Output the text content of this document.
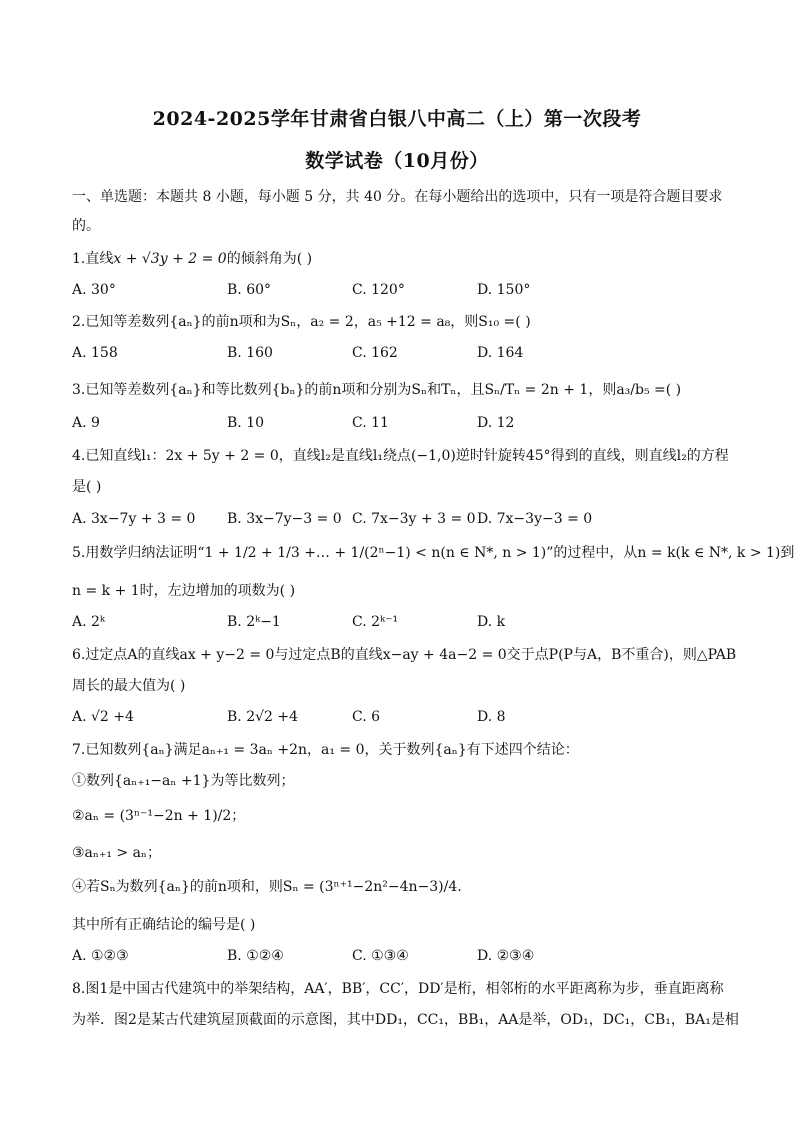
2024-2025学年甘肃省白银八中高二（上）第一次段考
数学试卷（10月份）
一、单选题：本题共 8 小题，每小题 5 分，共 40 分。在每小题给出的选项中，只有一项是符合题目要求
的。
1.直线x + √3y + 2 = 0的倾斜角为( )
A. 30°	B. 60°	C. 120°	D. 150°
2.已知等差数列{aₙ}的前n项和为Sₙ，a₂ = 2，a₅ +12 = a₈，则S₁₀ =( )
A. 158	B. 160	C. 162	D. 164
3.已知等差数列{aₙ}和等比数列{bₙ}的前n项和分别为Sₙ和Tₙ，且Sₙ/Tₙ = 2n + 1，则a₃/b₅ =( )
A. 9	B. 10	C. 11	D. 12
4.已知直线l₁：2x + 5y + 2 = 0，直线l₂是直线l₁绕点(−1,0)逆时针旋转45°得到的直线，则直线l₂的方程
是( )
A. 3x−7y + 3 = 0 B. 3x−7y−3 = 0 C. 7x−3y + 3 = 0 D. 7x−3y−3 = 0
5.用数学归纳法证明“1 + 1/2 + 1/3 +… + 1/(2ⁿ−1) < n(n ∈ N*, n > 1)”的过程中，从n = k(k ∈ N*, k > 1)到
n = k + 1时，左边增加的项数为( )
A. 2ᵏ	B. 2ᵏ−1	C. 2ᵏ⁻¹	D. k
6.过定点A的直线ax + y−2 = 0与过定点B的直线x−ay + 4a−2 = 0交于点P(P与A，B不重合)，则△PAB
周长的最大值为( )
A. √2 +4	B. 2√2 +4	C. 6	D. 8
7.已知数列{aₙ}满足aₙ₊₁ = 3aₙ +2n，a₁ = 0，关于数列{aₙ}有下述四个结论：
①数列{aₙ₊₁−aₙ +1}为等比数列；
②aₙ = (3ⁿ⁻¹−2n + 1)/2；
③aₙ₊₁ > aₙ；
④若Sₙ为数列{aₙ}的前n项和，则Sₙ = (3ⁿ⁺¹−2n²−4n−3)/4.
其中所有正确结论的编号是( )
A. ①②③	B. ①②④	C. ①③④	D. ②③④
8.图1是中国古代建筑中的举架结构，AA′，BB′，CC′，DD′是桁，相邻桁的水平距离称为步，垂直距离称
为举．图2是某古代建筑屋顶截面的示意图，其中DD₁，CC₁，BB₁，AA是举，OD₁，DC₁，CB₁，BA₁是相
